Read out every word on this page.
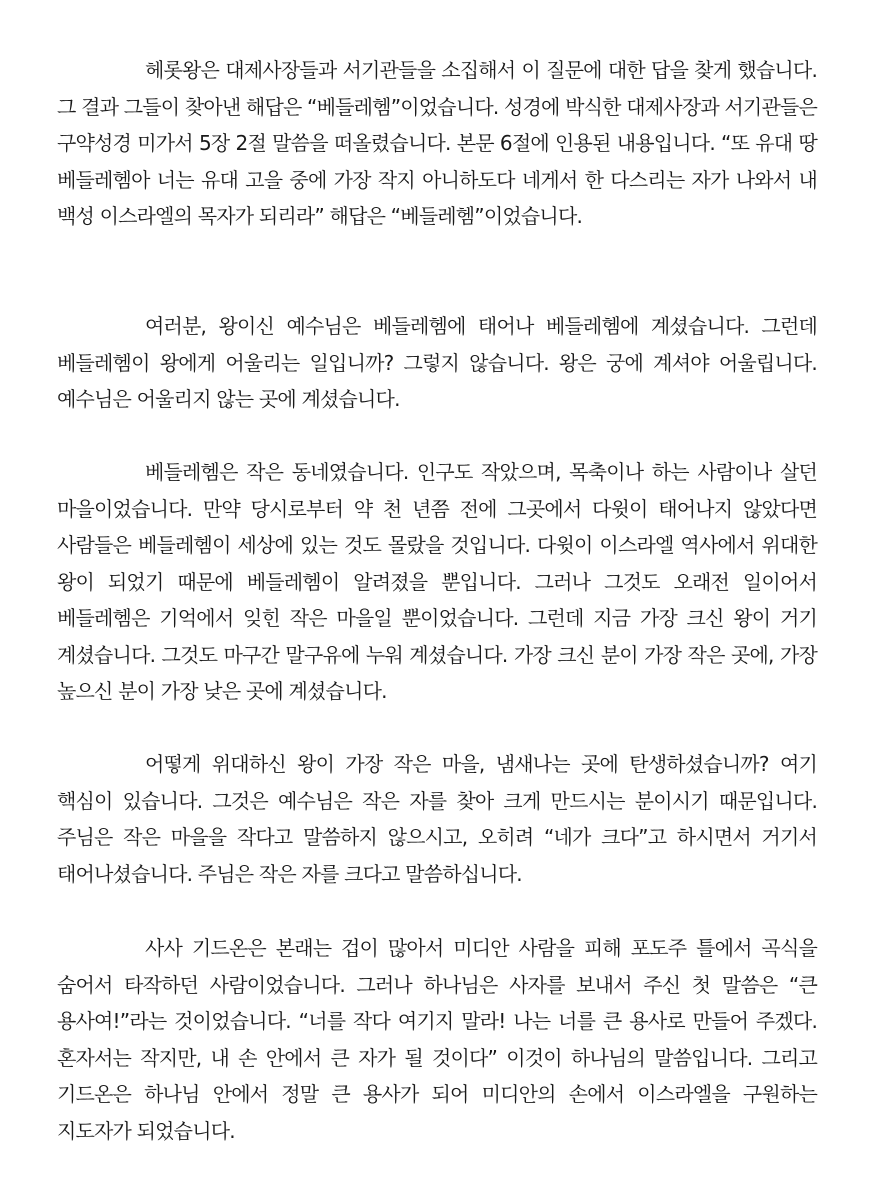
헤롯왕은 대제사장들과 서기관들을 소집해서 이 질문에 대한 답을 찾게 했습니다. 그 결과 그들이 찾아낸 해답은 “베들레헴”이었습니다. 성경에 박식한 대제사장과 서기관들은 구약성경 미가서 5장 2절 말씀을 떠올렸습니다. 본문 6절에 인용된 내용입니다. “또 유대 땅 베들레헴아 너는 유대 고을 중에 가장 작지 아니하도다 네게서 한 다스리는 자가 나와서 내 백성 이스라엘의 목자가 되리라” 해답은 “베들레헴”이었습니다.

여러분, 왕이신 예수님은 베들레헴에 태어나 베들레헴에 계셨습니다. 그런데 베들레헴이 왕에게 어울리는 일입니까? 그렇지 않습니다. 왕은 궁에 계셔야 어울립니다. 예수님은 어울리지 않는 곳에 계셨습니다.

베들레헴은 작은 동네였습니다. 인구도 작았으며, 목축이나 하는 사람이나 살던 마을이었습니다. 만약 당시로부터 약 천 년쯤 전에 그곳에서 다윗이 태어나지 않았다면 사람들은 베들레헴이 세상에 있는 것도 몰랐을 것입니다. 다윗이 이스라엘 역사에서 위대한 왕이 되었기 때문에 베들레헴이 알려졌을 뿐입니다. 그러나 그것도 오래전 일이어서 베들레헴은 기억에서 잊힌 작은 마을일 뿐이었습니다. 그런데 지금 가장 크신 왕이 거기 계셨습니다. 그것도 마구간 말구유에 누워 계셨습니다. 가장 크신 분이 가장 작은 곳에, 가장 높으신 분이 가장 낮은 곳에 계셨습니다.

어떻게 위대하신 왕이 가장 작은 마을, 냄새나는 곳에 탄생하셨습니까? 여기 핵심이 있습니다. 그것은 예수님은 작은 자를 찾아 크게 만드시는 분이시기 때문입니다. 주님은 작은 마을을 작다고 말씀하지 않으시고, 오히려 “네가 크다”고 하시면서 거기서 태어나셨습니다. 주님은 작은 자를 크다고 말씀하십니다.

사사 기드온은 본래는 겁이 많아서 미디안 사람을 피해 포도주 틀에서 곡식을 숨어서 타작하던 사람이었습니다. 그러나 하나님은 사자를 보내서 주신 첫 말씀은 “큰 용사여!”라는 것이었습니다. “너를 작다 여기지 말라! 나는 너를 큰 용사로 만들어 주겠다. 혼자서는 작지만, 내 손 안에서 큰 자가 될 것이다” 이것이 하나님의 말씀입니다. 그리고 기드온은 하나님 안에서 정말 큰 용사가 되어 미디안의 손에서 이스라엘을 구원하는 지도자가 되었습니다.
